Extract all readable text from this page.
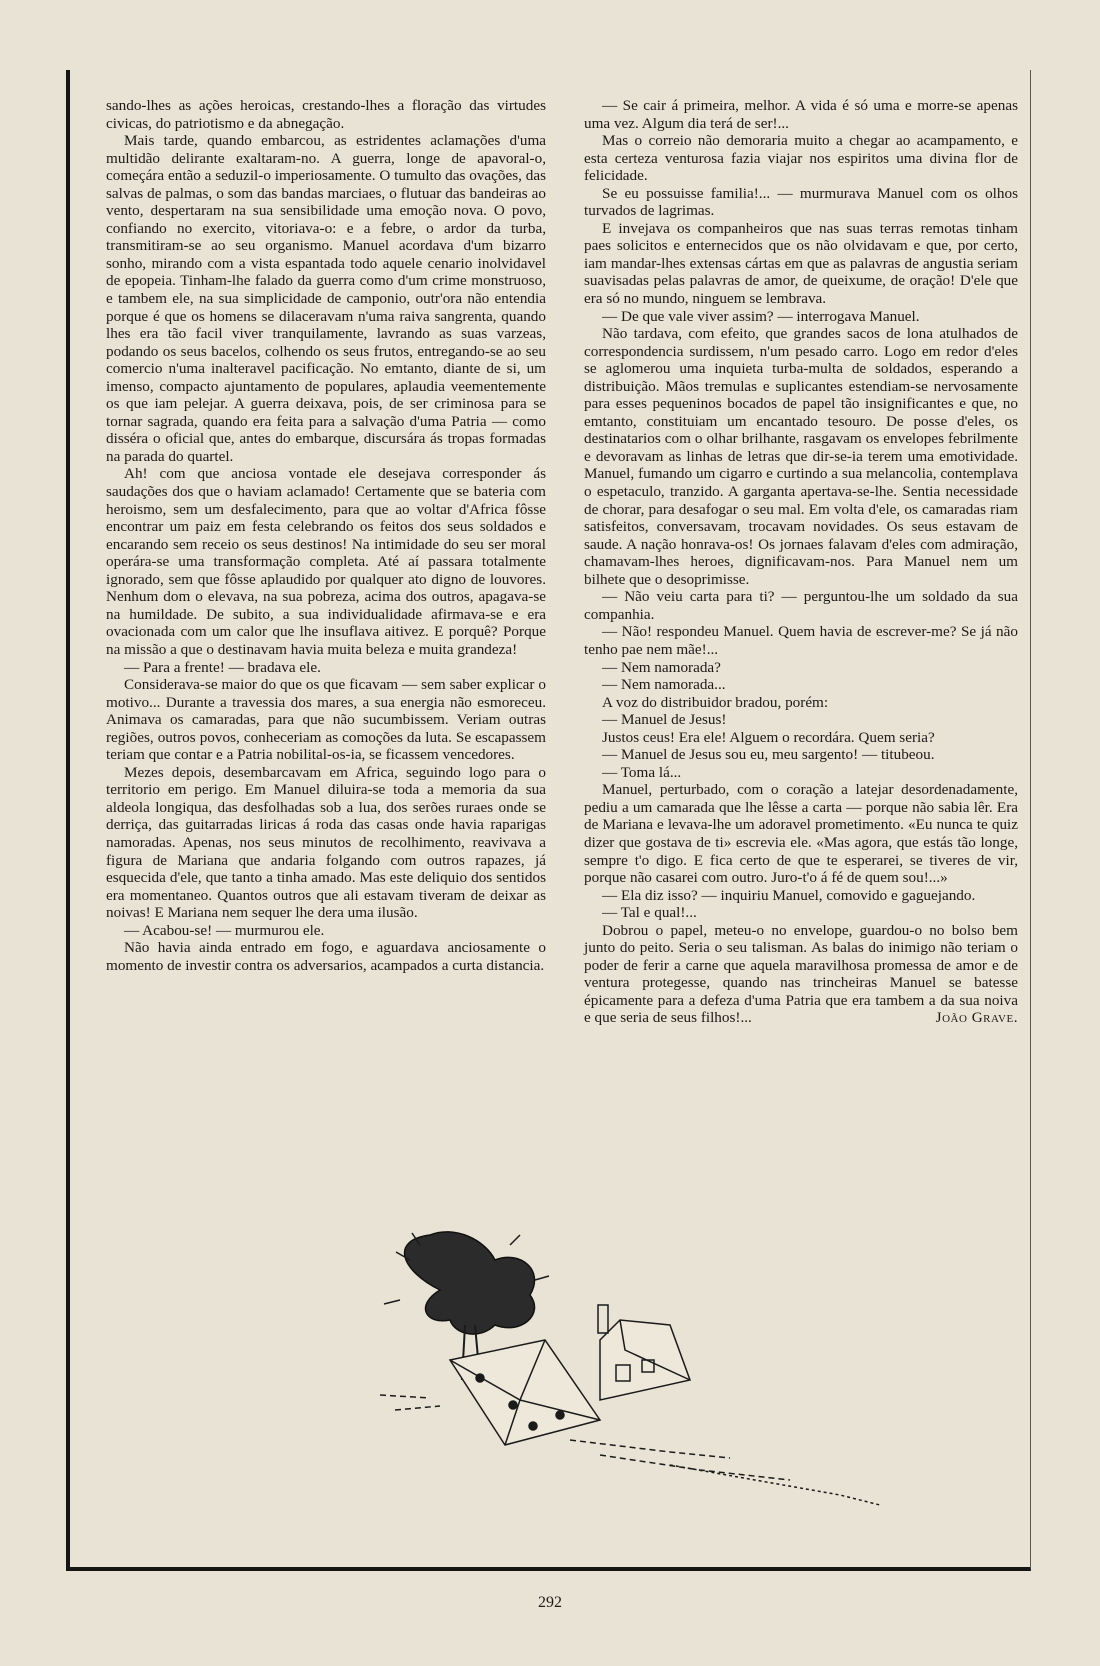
sando-lhes as ações heroicas, crestando-lhes a floração das virtudes civicas, do patriotismo e da abnegação.

Mais tarde, quando embarcou, as estridentes aclamações d'uma multidão delirante exaltaram-no. A guerra, longe de apavoral-o, começára então a seduzil-o imperiosamente. O tumulto das ovações, das salvas de palmas, o som das bandas marciaes, o flutuar das bandeiras ao vento, despertaram na sua sensibilidade uma emoção nova. O povo, confiando no exercito, vitoriava-o: e a febre, o ardor da turba, transmitiram-se ao seu organismo. Manuel acordava d'um bizarro sonho, mirando com a vista espantada todo aquele cenario inolvidavel de epopeia. Tinham-lhe falado da guerra como d'um crime monstruoso, e tambem ele, na sua simplicidade de camponio, outr'ora não entendia porque é que os homens se dilaceravam n'uma raiva sangrenta, quando lhes era tão facil viver tranquilamente, lavrando as suas varzeas, podando os seus bacelos, colhendo os seus frutos, entregando-se ao seu comercio n'uma inalteravel pacificação. No emtanto, diante de si, um imenso, compacto ajuntamento de populares, aplaudia veementemente os que iam pelejar. A guerra deixava, pois, de ser criminosa para se tornar sagrada, quando era feita para a salvação d'uma Patria — como disséra o oficial que, antes do embarque, discursára ás tropas formadas na parada do quartel.

Ah! com que anciosa vontade ele desejava corresponder ás saudações dos que o haviam aclamado! Certamente que se bateria com heroismo, sem um desfalecimento, para que ao voltar d'Africa fôsse encontrar um paiz em festa celebrando os feitos dos seus soldados e encarando sem receio os seus destinos! Na intimidade do seu ser moral operára-se uma transformação completa. Até aí passara totalmente ignorado, sem que fôsse aplaudido por qualquer ato digno de louvores. Nenhum dom o elevava, na sua pobreza, acima dos outros, apagava-se na humildade. De subito, a sua individualidade afirmava-se e era ovacionada com um calor que lhe insuflava aitivez. E porquê? Porque na missão a que o destinavam havia muita beleza e muita grandeza!

— Para a frente! — bradava ele.

Considerava-se maior do que os que ficavam — sem saber explicar o motivo... Durante a travessia dos mares, a sua energia não esmoreceu. Animava os camaradas, para que não sucumbissem. Veriam outras regiões, outros povos, conheceriam as comoções da luta. Se escapassem teriam que contar e a Patria nobilital-os-ia, se ficassem vencedores.

Mezes depois, desembarcavam em Africa, seguindo logo para o territorio em perigo. Em Manuel diluira-se toda a memoria da sua aldeola longiqua, das desfolhadas sob a lua, dos serões rurаes onde se derriça, das guitarradas liricas á roda das casas onde havia raparigas namoradas. Apenas, nos seus minutos de recolhimento, reavivava a figura de Mariana que andaria folgando com outros rapazes, já esquecida d'ele, que tanto a tinha amado. Mas este deliquio dos sentidos era momentaneo. Quantos outros que ali estavam tiveram de deixar as noivas! E Mariana nem sequer lhe dera uma ilusão.

— Acabou-se! — murmurou ele.

Não havia ainda entrado em fogo, e aguardava anciosamente o momento de investir contra os adversarios, acampados a curta distancia.

— Se cair á primeira, melhor. A vida é só uma e morre-se apenas uma vez. Algum dia terá de ser!...

Mas o correio não demoraria muito a chegar ao acampamento, e esta certeza venturosa fazia viajar nos espiritos uma divina flor de felicidade.

Se eu possuisse familia!... — murmurava Manuel com os olhos turvados de lagrimas.

E invejava os companheiros que nas suas terras remotas tinham paes solicitos e enternecidos que os não olvidavam e que, por certo, iam mandar-lhes extensas cártas em que as palavras de angustia seriam suavisadas pelas palavras de amor, de queixume, de oração! D'ele que era só no mundo, ninguem se lembrava.

— De que vale viver assim? — interrogava Manuel.

Não tardava, com efeito, que grandes sacos de lona atulhados de correspondencia surdissem, n'um pesado carro. Logo em redor d'eles se aglomerou uma inquieta turba-multa de soldados, esperando a distribuição. Mãos tremulas e suplicantes estendiam-se nervosamente para esses pequeninos bocados de papel tão insignificantes e que, no emtanto, constituiam um encantado tesouro. De posse d'eles, os destinatarios com o olhar brilhante, rasgavam os envelopes febrilmente e devoravam as linhas de letras que dir-se-ia terem uma emotividade. Manuel, fumando um cigarro e curtindo a sua melancolia, contemplava o espetaculo, tranzido. A garganta apertava-se-lhe. Sentia necessidade de chorar, para desafogar o seu mal. Em volta d'ele, os camaradas riam satisfeitos, conversavam, trocavam novidades. Os seus estavam de saude. A nação honrava-os! Os jornaes falavam d'eles com admiração, chamavam-lhes heroes, dignificavam-nos. Para Manuel nem um bilhete que o desoprimisse.

— Não veiu carta para ti? — perguntou-lhe um soldado da sua companhia.

— Não! respondeu Manuel. Quem havia de escrever-me? Se já não tenho pae nem mãe!...

— Nem namorada?

— Nem namorada...

A voz do distribuidor bradou, porém:

— Manuel de Jesus!

Justos ceus! Era ele! Alguem o recordára. Quem seria?

— Manuel de Jesus sou eu, meu sargento! — titubeou.

— Toma lá...

Manuel, perturbado, com o coração a latejar desordenadamente, pediu a um camarada que lhe lêsse a carta — porque não sabia lêr. Era de Mariana e levava-lhe um adoravel prometimento. «Eu nunca te quiz dizer que gostava de ti» escrevia ele. «Mas agora, que estás tão longe, sempre t'o digo. E fica certo de que te esperarei, se tiveres de vir, porque não casarei com outro. Juro-t'o á fé de quem sou!...»

— Ela diz isso? — inquiriu Manuel, comovido e gaguejando.

— Tal e qual!...

Dobrou o papel, meteu-o no envelope, guardou-o no bolso bem junto do peito. Seria o seu talisman. As balas do inimigo não teriam o poder de ferir a carne que aquela maravilhosa promessa de amor e de ventura protegesse, quando nas trincheiras Manuel se batesse épicamente para a defeza d'uma Patria que era tambem a da sua noiva e que seria de seus filhos!...	João Grave.

292
